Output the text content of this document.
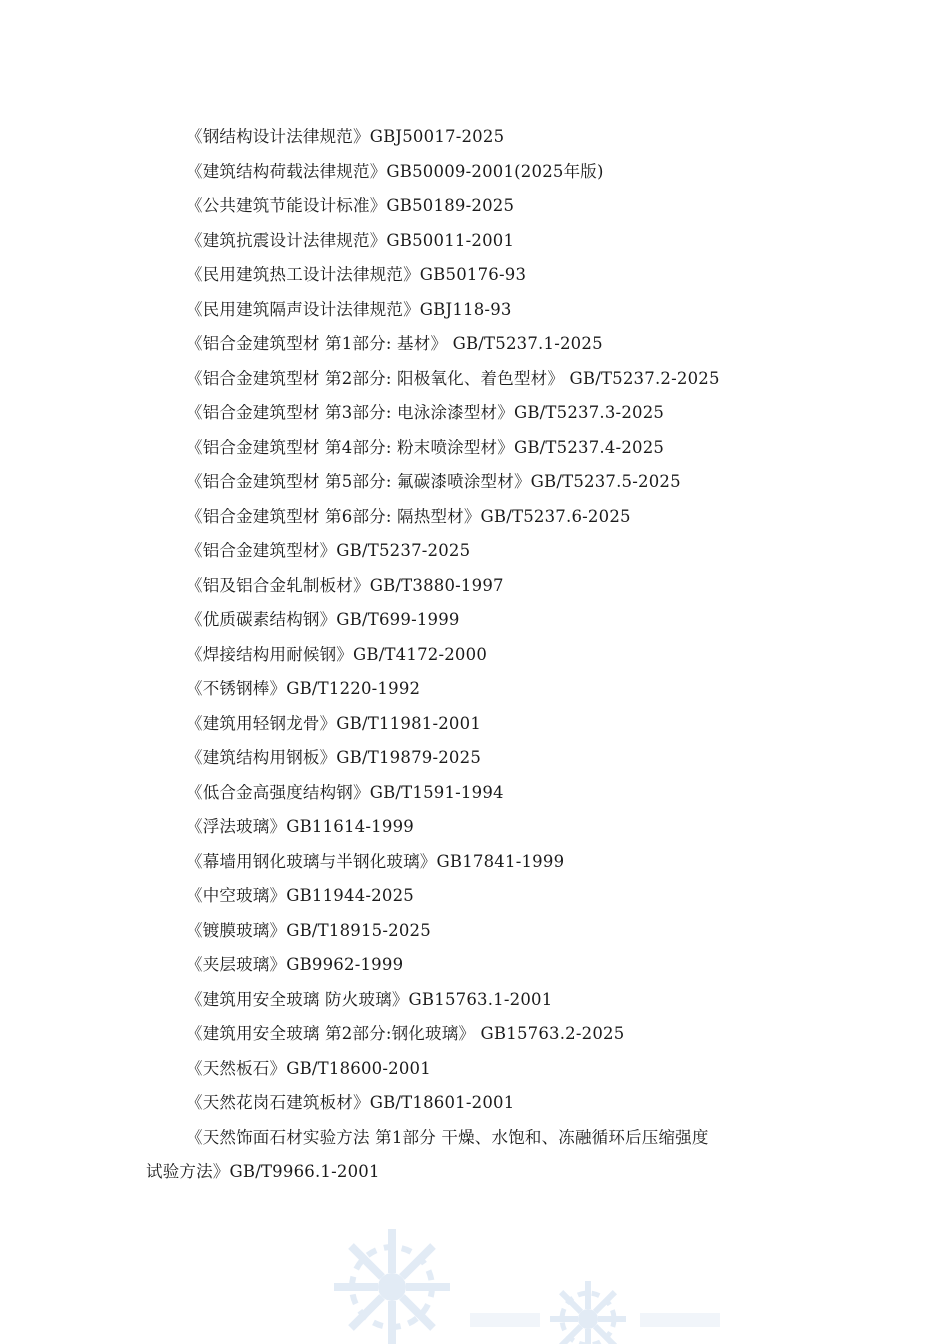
《钢结构设计法律规范》GBJ50017-2025
《建筑结构荷载法律规范》GB50009-2001(2025年版)
《公共建筑节能设计标准》GB50189-2025
《建筑抗震设计法律规范》GB50011-2001
《民用建筑热工设计法律规范》GB50176-93
《民用建筑隔声设计法律规范》GBJ118-93
《铝合金建筑型材 第1部分: 基材》 GB/T5237.1-2025
《铝合金建筑型材 第2部分: 阳极氧化、着色型材》 GB/T5237.2-2025
《铝合金建筑型材 第3部分: 电泳涂漆型材》GB/T5237.3-2025
《铝合金建筑型材 第4部分: 粉末喷涂型材》GB/T5237.4-2025
《铝合金建筑型材 第5部分: 氟碳漆喷涂型材》GB/T5237.5-2025
《铝合金建筑型材 第6部分: 隔热型材》GB/T5237.6-2025
《铝合金建筑型材》GB/T5237-2025
《铝及铝合金轧制板材》GB/T3880-1997
《优质碳素结构钢》GB/T699-1999
《焊接结构用耐候钢》GB/T4172-2000
《不锈钢棒》GB/T1220-1992
《建筑用轻钢龙骨》GB/T11981-2001
《建筑结构用钢板》GB/T19879-2025
《低合金高强度结构钢》GB/T1591-1994
《浮法玻璃》GB11614-1999
《幕墙用钢化玻璃与半钢化玻璃》GB17841-1999
《中空玻璃》GB11944-2025
《镀膜玻璃》GB/T18915-2025
《夹层玻璃》GB9962-1999
《建筑用安全玻璃 防火玻璃》GB15763.1-2001
《建筑用安全玻璃 第2部分:钢化玻璃》 GB15763.2-2025
《天然板石》GB/T18600-2001
《天然花岗石建筑板材》GB/T18601-2001
《天然饰面石材实验方法 第1部分 干燥、水饱和、冻融循环后压缩强度
试验方法》GB/T9966.1-2001
